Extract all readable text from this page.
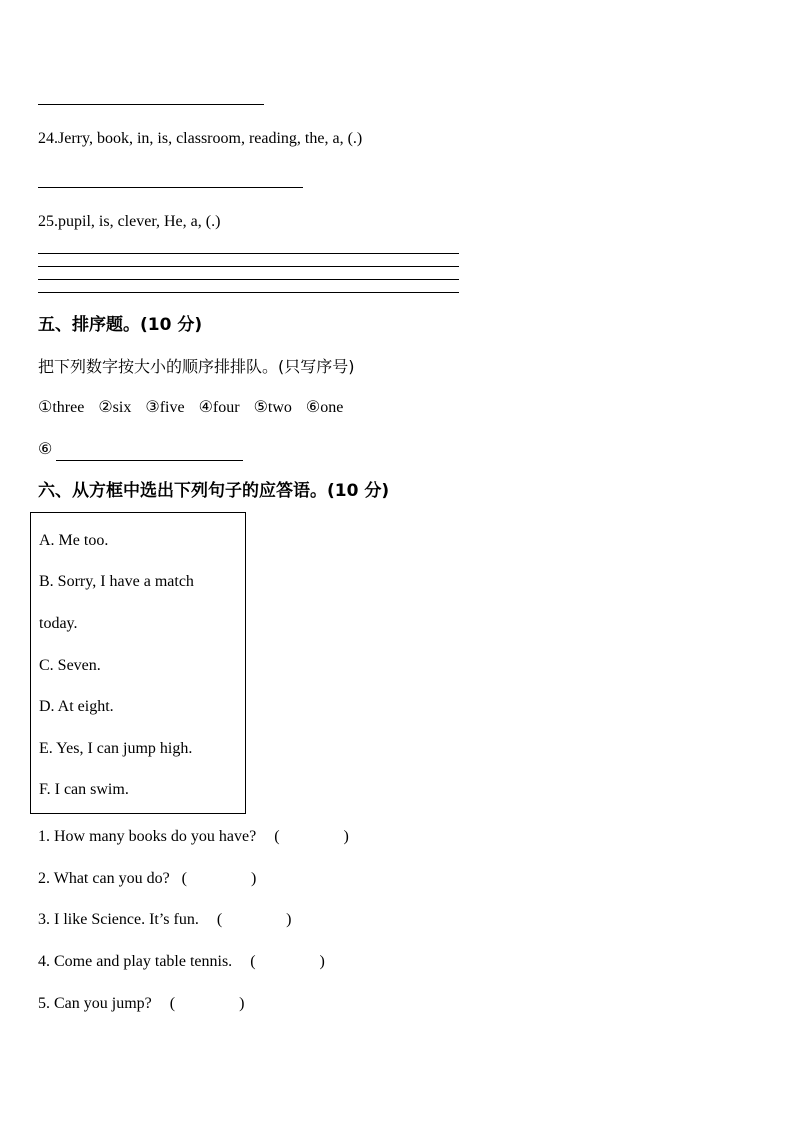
24.Jerry, book, in, is, classroom, reading, the, a, (.)
25.pupil, is, clever, He, a, (.)
五、排序题。(10 分)
把下列数字按大小的顺序排排队。(只写序号)
①three ②six ③five ④four ⑤two ⑥one
⑥
六、从方框中选出下列句子的应答语。(10 分)
A. Me too.
B. Sorry, I have a match
today.
C. Seven.
D. At eight.
E. Yes, I can jump high.
F. I can swim.
1. How many books do you have? (　　　　)
2. What can you do? (　　　　)
3. I like Science. It’s fun. (　　　　)
4. Come and play table tennis. (　　　　)
5. Can you jump? (　　　　)
